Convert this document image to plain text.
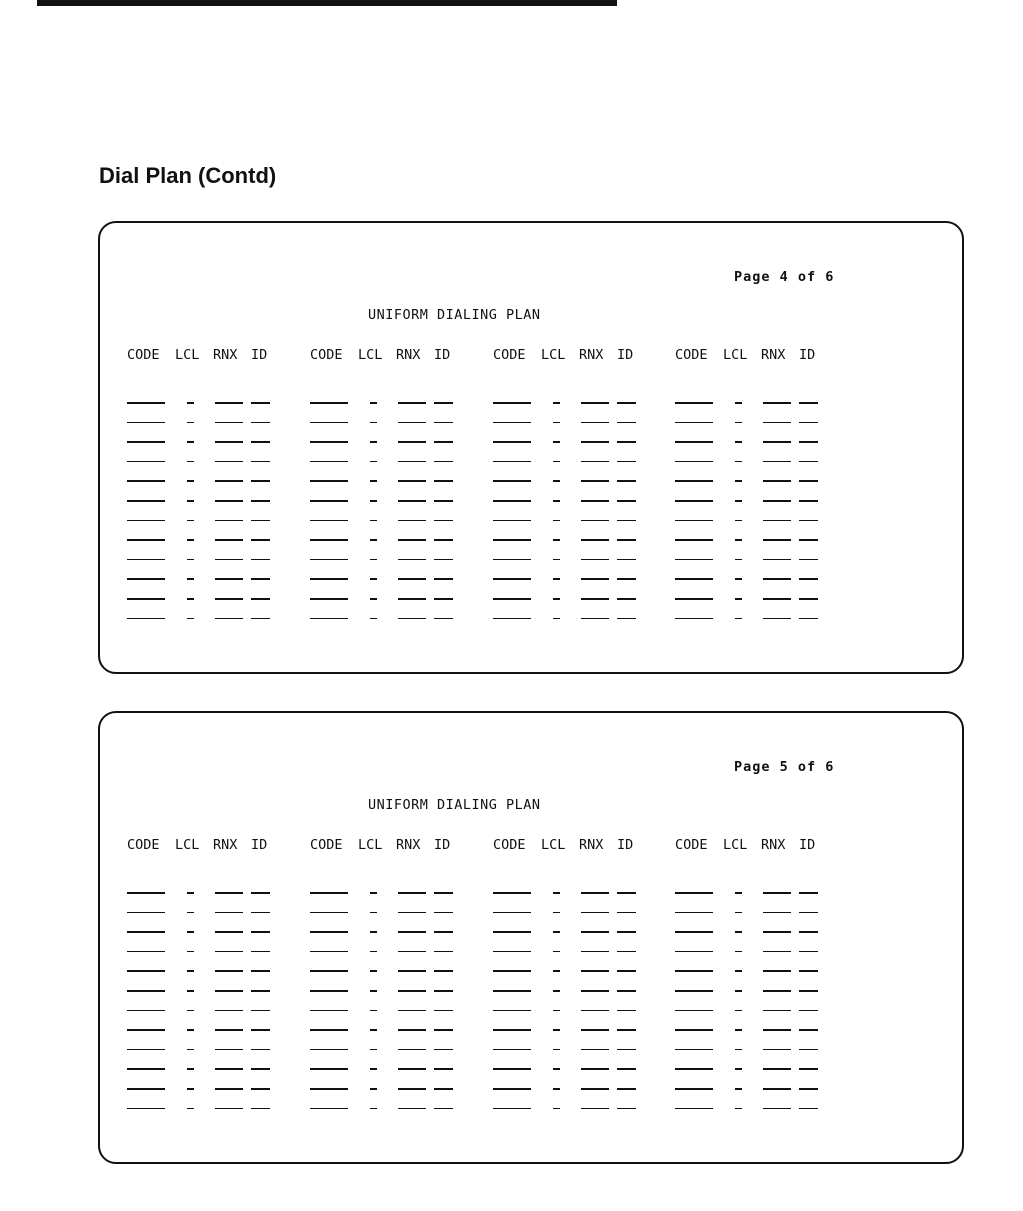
Dial Plan (Contd)
Page 4 of 6
UNIFORM DIALING PLAN
CODE LCL RNX ID	CODE LCL RNX ID	CODE LCL RNX ID	CODE LCL RNX ID
Page 5 of 6
UNIFORM DIALING PLAN
CODE LCL RNX ID	CODE LCL RNX ID	CODE LCL RNX ID	CODE LCL RNX ID
